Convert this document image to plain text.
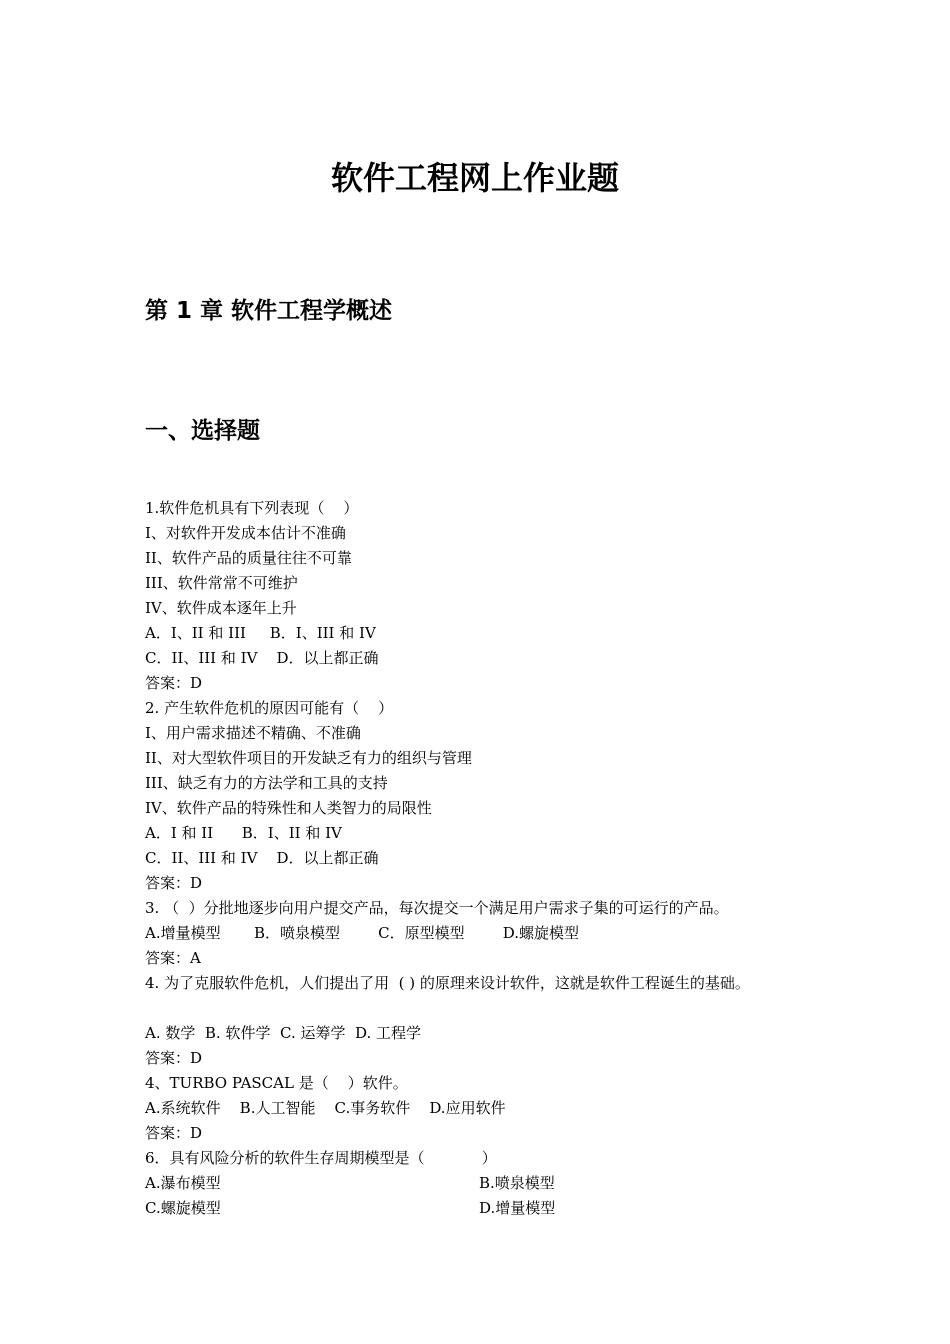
软件工程网上作业题
第 1 章 软件工程学概述
一、选择题
1.软件危机具有下列表现（    ）
I、对软件开发成本估计不准确
II、软件产品的质量往往不可靠
III、软件常常不可维护
IV、软件成本逐年上升
A．I、II 和 III     B．I、III 和 IV
C．II、III 和 IV    D．以上都正确
答案：D
2. 产生软件危机的原因可能有（    ）
I、用户需求描述不精确、不准确
II、对大型软件项目的开发缺乏有力的组织与管理
III、缺乏有力的方法学和工具的支持
IV、软件产品的特殊性和人类智力的局限性
A．I 和 II      B．I、II 和 IV
C．II、III 和 IV    D．以上都正确
答案：D
3. （  ）分批地逐步向用户提交产品，每次提交一个满足用户需求子集的可运行的产品。
A.增量模型       B．喷泉模型        C．原型模型        D.螺旋模型
答案：A
4. 为了克服软件危机，人们提出了用  ( ) 的原理来设计软件，这就是软件工程诞生的基础。
A. 数学  B. 软件学  C. 运筹学  D. 工程学
答案：D
4、TURBO PASCAL 是（    ）软件。
A.系统软件    B.人工智能    C.事务软件    D.应用软件
答案：D
6．具有风险分析的软件生存周期模型是（            ）
A.瀑布模型	B.喷泉模型
C.螺旋模型	D.增量模型
